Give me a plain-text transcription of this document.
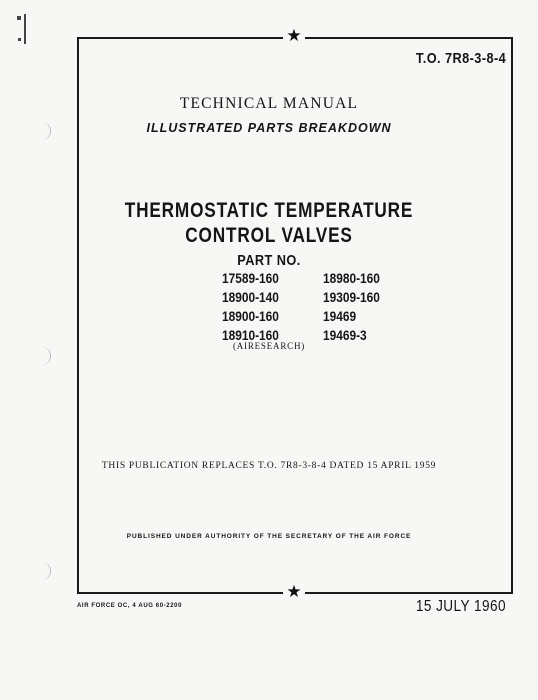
★
★
T.O. 7R8-3-8-4
TECHNICAL MANUAL
ILLUSTRATED PARTS BREAKDOWN
THERMOSTATIC TEMPERATURE
CONTROL VALVES
PART NO.
17589-160
18900-140
18900-160
18910-160
18980-160
19309-160
19469
19469-3
(AIRESEARCH)
THIS PUBLICATION REPLACES T.O. 7R8-3-8-4 DATED 15 APRIL 1959
PUBLISHED UNDER AUTHORITY OF THE SECRETARY OF THE AIR FORCE
AIR FORCE OC, 4 AUG 60-2200	15 JULY 1960
